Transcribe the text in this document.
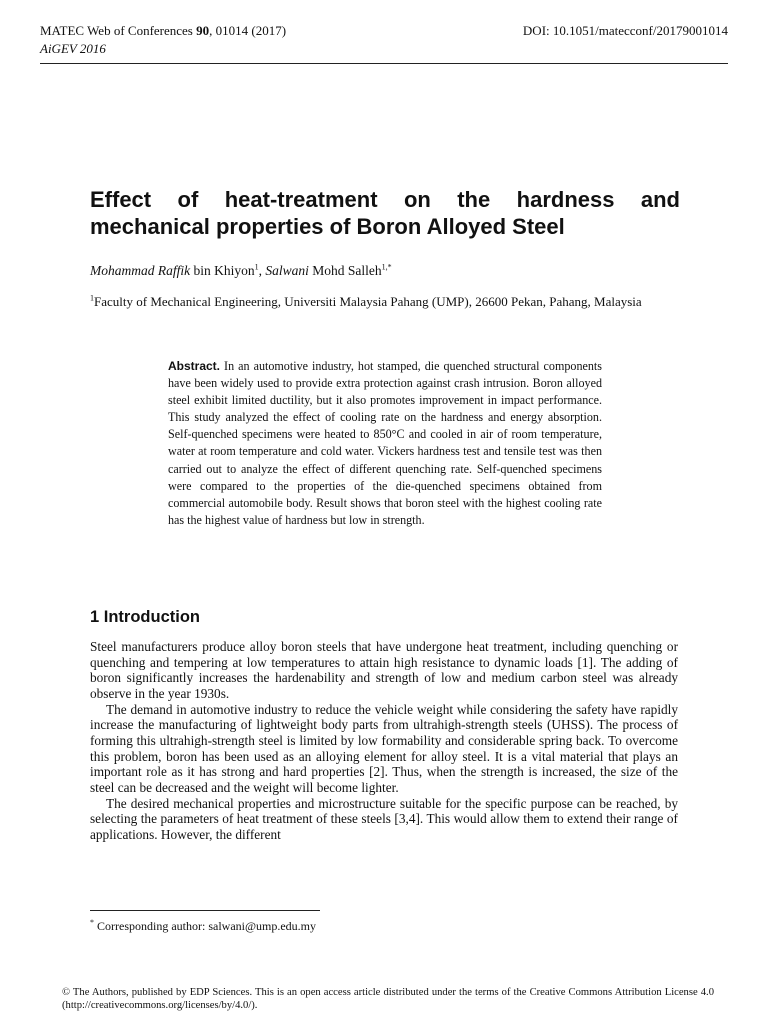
MATEC Web of Conferences 90, 01014 (2017)
AiGEV 2016
DOI: 10.1051/matecconf/20179001014
Effect of heat-treatment on the hardness and mechanical properties of Boron Alloyed Steel
Mohammad Raffik bin Khiyon$^1$, Salwani Mohd Salleh$^{1,*}$
$^1$Faculty of Mechanical Engineering, Universiti Malaysia Pahang (UMP), 26600 Pekan, Pahang, Malaysia
Abstract. In an automotive industry, hot stamped, die quenched structural components have been widely used to provide extra protection against crash intrusion. Boron alloyed steel exhibit limited ductility, but it also promotes improvement in impact performance. This study analyzed the effect of cooling rate on the hardness and energy absorption. Self-quenched specimens were heated to 850°C and cooled in air of room temperature, water at room temperature and cold water. Vickers hardness test and tensile test was then carried out to analyze the effect of different quenching rate. Self-quenched specimens were compared to the properties of the die-quenched specimens obtained from commercial automobile body. Result shows that boron steel with the highest cooling rate has the highest value of hardness but low in strength.
1 Introduction

Steel manufacturers produce alloy boron steels that have undergone heat treatment, including quenching or quenching and tempering at low temperatures to attain high resistance to dynamic loads [1]. The adding of boron significantly increases the hardenability and strength of low and medium carbon steel was already observe in the year 1930s.

The demand in automotive industry to reduce the vehicle weight while considering the safety have rapidly increase the manufacturing of lightweight body parts from ultrahigh-strength steels (UHSS). The process of forming this ultrahigh-strength steel is limited by low formability and considerable spring back. To overcome this problem, boron has been used as an alloying element for alloy steel. It is a vital material that plays an important role as it has strong and hard properties [2]. Thus, when the strength is increased, the size of the steel can be decreased and the weight will become lighter.

The desired mechanical properties and microstructure suitable for the specific purpose can be reached, by selecting the parameters of heat treatment of these steels [3,4]. This would allow them to extend their range of applications. However, the different

* Corresponding author: salwani@ump.edu.my
© The Authors, published by EDP Sciences. This is an open access article distributed under the terms of the Creative Commons Attribution License 4.0 (http://creativecommons.org/licenses/by/4.0/).
